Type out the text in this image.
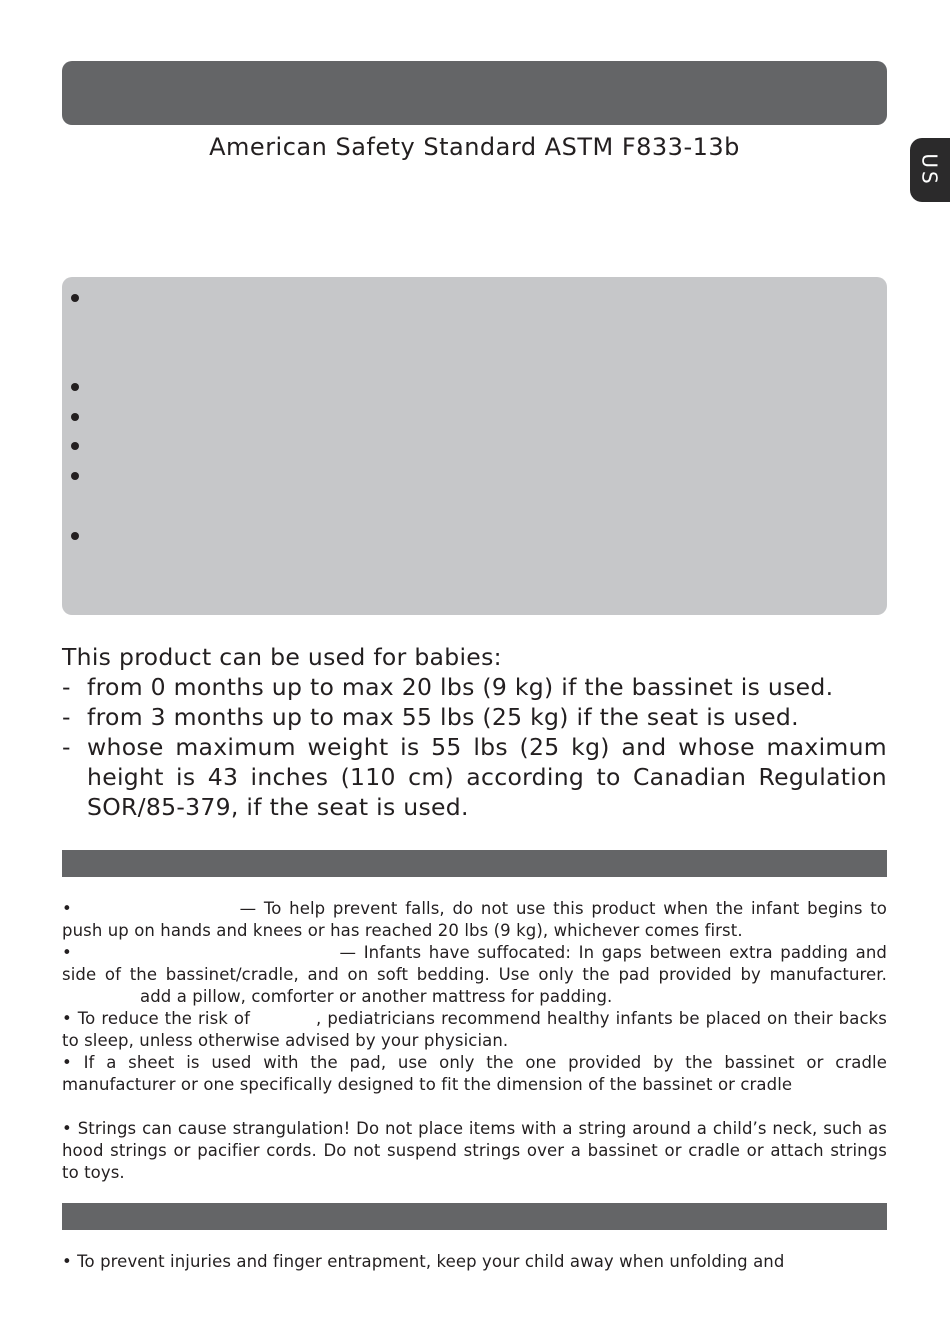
American Safety Standard ASTM F833-13b
US
This product can be used for babies:
- from 0 months up to max 20 lbs (9 kg) if the bassinet is used.
- from 3 months up to max 55 lbs (25 kg) if the seat is used.
- whose maximum weight is 55 lbs (25 kg) and whose maximum height is 43 inches (110 cm) according to Canadian Regulation SOR/85-379, if the seat is used.

•	— To help prevent falls, do not use this product when the infant begins to push up on hands and knees or has reached 20 lbs (9 kg), whichever comes first.

•	— Infants have suffocated: In gaps between extra padding and side of the bassinet/cradle, and on soft bedding. Use only the pad provided by manufacturer.add a pillow, comforter or another mattress for padding.

• To reduce the risk of	, pediatricians recommend healthy infants be placed on their backs to sleep, unless otherwise advised by your physician.

• If a sheet is used with the pad, use only the one provided by the bassinet or cradle manufacturer or one specifically designed to fit the dimension of the bassinet or cradle

• Strings can cause strangulation! Do not place items with a string around a child’s neck, such as hood strings or pacifier cords. Do not suspend strings over a bassinet or cradle or attach strings to toys.

• To prevent injuries and finger entrapment, keep your child away when unfolding and
